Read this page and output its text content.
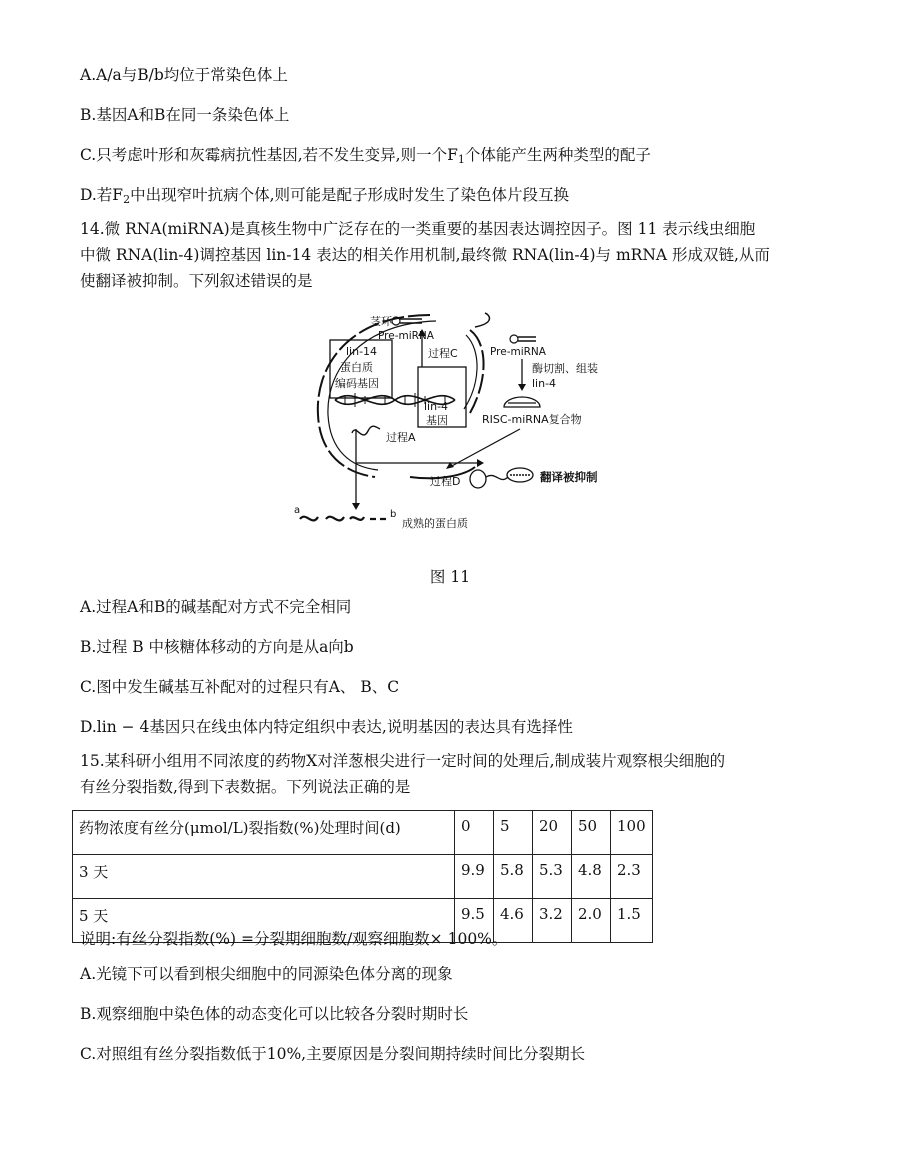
A.A/a与B/b均位于常染色体上
B.基因A和B在同一条染色体上
C.只考虑叶形和灰霉病抗性基因,若不发生变异,则一个$F_1$个体能产生两种类型的配子
D.若$F_2$中出现窄叶抗病个体,则可能是配子形成时发生了染色体片段互换
14.微 RNA(miRNA)是真核生物中广泛存在的一类重要的基因表达调控因子。图 11 表示线虫细胞
中微 RNA(lin-4)调控基因 lin-14 表达的相关作用机制,最终微 RNA(lin-4)与 mRNA 形成双链,从而
使翻译被抑制。下列叙述错误的是
lin-14
蛋白质
编码基因
lin-4
基因
过程C
茎环
Pre-miRNA
Pre-miRNA
酶切割、组装
lin-4
RISC-miRNA复合物
过程A
过程D	翻译被抑制
a	b
成熟的蛋白质
图 11
A.过程A和B的碱基配对方式不完全相同
B.过程 B 中核糖体移动的方向是从a向b
C.图中发生碱基互补配对的过程只有A、 B、C
D.lin − 4基因只在线虫体内特定组织中表达,说明基因的表达具有选择性
15.某科研小组用不同浓度的药物X对洋葱根尖进行一定时间的处理后,制成装片观察根尖细胞的
有丝分裂指数,得到下表数据。下列说法正确的是
药物浓度有丝分(μmol/L)裂指数(%)处理时间(d)	0	5	20	50	100
3 天	9.9	5.8	5.3	4.8	2.3
5 天	9.5	4.6	3.2	2.0	1.5
说明:有丝分裂指数(%) =分裂期细胞数/观察细胞数× 100%。
A.光镜下可以看到根尖细胞中的同源染色体分离的现象
B.观察细胞中染色体的动态变化可以比较各分裂时期时长
C.对照组有丝分裂指数低于10%,主要原因是分裂间期持续时间比分裂期长
